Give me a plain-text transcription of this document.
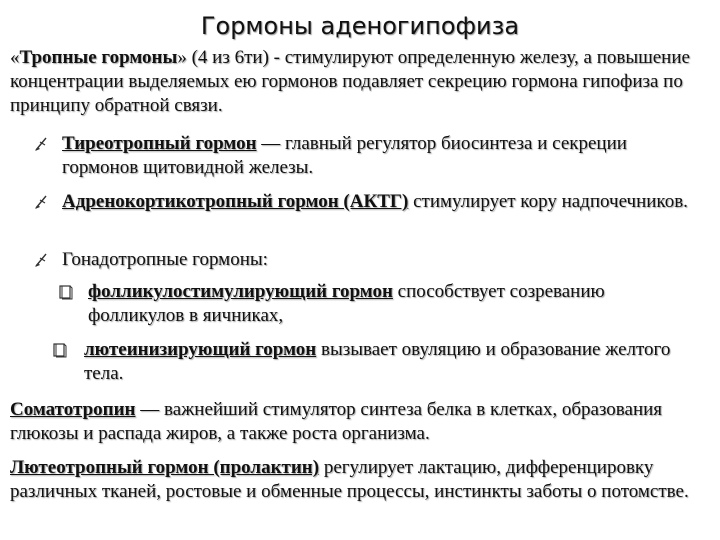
Гормоны аденогипофиза
«Тропные гормоны» (4 из 6ти) - стимулируют определенную железу, а повышение концентрации выделяемых ею гормонов подавляет секрецию гормона гипофиза по принципу обратной связи.
Тиреотропный гормон — главный регулятор биосинтеза и секреции гормонов щитовидной железы.
Адренокортикотропный гормон (АКТГ) стимулирует кору надпочечников.
Гонадотропные гормоны:
фолликулостимулирующий гормон способствует созреванию фолликулов в яичниках,
лютеинизирующий гормон вызывает овуляцию и образование желтого тела.
Соматотропин — важнейший стимулятор синтеза белка в клетках, образования глюкозы и распада жиров, а также роста организма.
Лютеотропный гормон (пролактин) регулирует лактацию, дифференцировку различных тканей, ростовые и обменные процессы, инстинкты заботы о потомстве.
